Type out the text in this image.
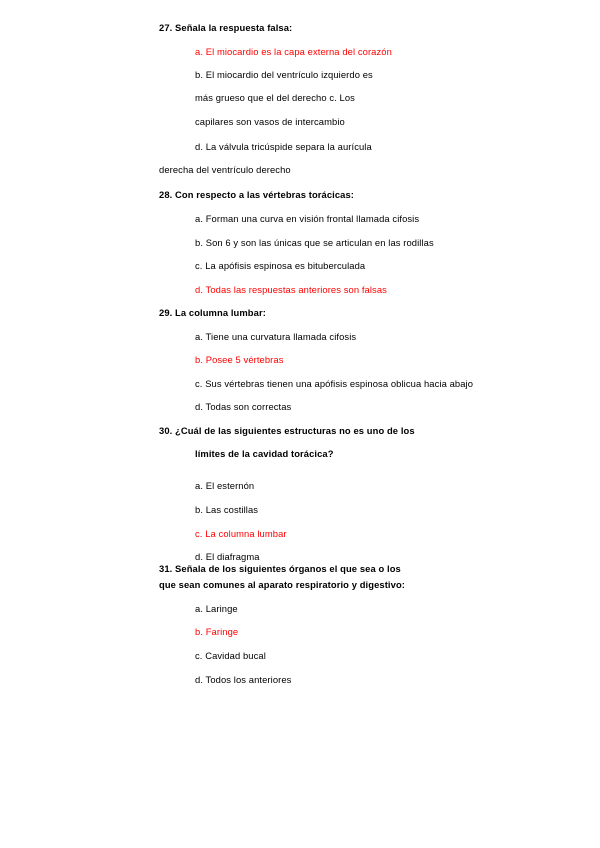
27. Señala la respuesta falsa:
a. El miocardio es la capa externa del corazón
b. El miocardio del ventrículo izquierdo es
más grueso que el del derecho c. Los
capilares son vasos de intercambio
d. La válvula tricúspide separa la aurícula
derecha del ventrículo derecho
28. Con respecto a las vértebras torácicas:
a. Forman una curva en visión frontal llamada cifosis
b. Son 6 y son las únicas que se articulan en las rodillas
c. La apófisis espinosa es bituberculada
d. Todas las respuestas anteriores son falsas
29. La columna lumbar:
a. Tiene una curvatura llamada cifosis
b. Posee 5 vértebras
c. Sus vértebras tienen una apófisis espinosa oblicua hacia abajo
d. Todas son correctas
30. ¿Cuál de las siguientes estructuras no es uno de los
límites de la cavidad torácica?
a. El esternón
b. Las costillas
c. La columna lumbar
d. El diafragma
31. Señala de los siguientes órganos el que sea o los
que sean comunes al aparato respiratorio y digestivo:
a. Laringe
b. Faringe
c. Cavidad bucal
d. Todos los anteriores
